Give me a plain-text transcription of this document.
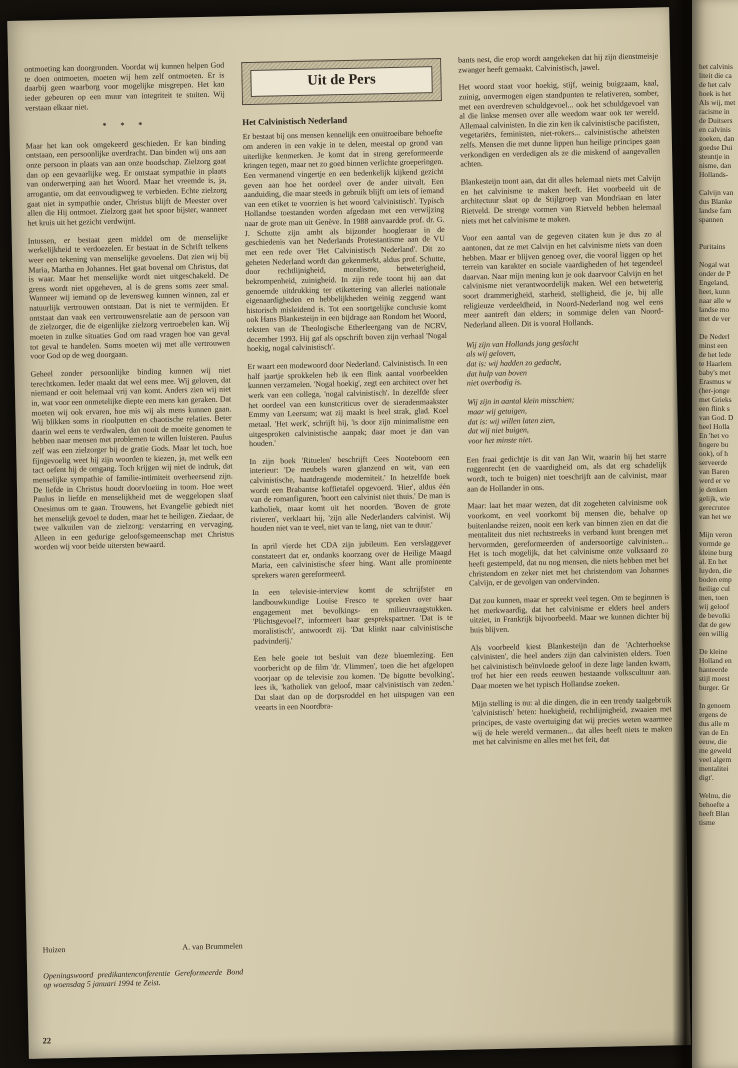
ontmoeting kan doorgronden. Voordat wij kunnen helpen God te doen ontmoeten, moeten wij hem zelf ontmoeten. Er is daarbij geen waarborg voor mogelijke misgrepen. Het kan ieder gebeuren op een muur van integriteit te stuiten. Wij verstaan elkaar niet.

* * *

Maar het kan ook omgekeerd geschieden. Er kan binding ontstaan, een persoonlijke overdracht. Dan binden wij ons aan onze persoon in plaats van aan onze boodschap. Zielzorg gaat dan op een gevaarlijke weg. Er ontstaat sympathie in plaats van onderwerping aan het Woord. Maar het vreemde is, ja, arrogantie, om dat eenvoudigweg te verbieden. Echte zielzorg gaat niet in sympathie onder, Christus blijft de Meester over allen die Hij ontmoet. Zielzorg gaat het spoor bijster, wanneer het kruis uit het gezicht verdwijnt.

Intussen, er bestaat geen middel om de menselijke werkelijkheid te verdoezelen. Er bestaat in de Schrift telkens weer een tekening van menselijke gevoelens. Dat zien wij bij Maria, Martha en Johannes. Het gaat bovenal om Christus, dat is waar. Maar het menselijke wordt niet uitgeschakeld. De grens wordt niet opgeheven, al is de grens soms zeer smal. Wanneer wij iemand op de levensweg kunnen winnen, zal er natuurlijk vertrouwen ontstaan. Dat is niet te vermijden. Er ontstaat dan vaak een vertrouwensrelatie aan de persoon van de zielzorger, die de eigenlijke zielzorg vertroebelen kan. Wij moeten in zulke situaties God om raad vragen hoe van geval tot geval te handelen. Soms moeten wij met alle vertrouwen voor God op de weg doorgaan.

Geheel zonder persoonlijke binding kunnen wij niet terechtkomen. Ieder maakt dat wel eens mee. Wij geloven, dat niemand er ooit helemaal vrij van komt. Anders zien wij niet in, wat voor een onmetelijke diepte een mens kan geraken. Dat moeten wij ook ervaren, hoe mis wij als mens kunnen gaan. Wij blikken soms in rioolputten en chaotische relaties. Beter daarin wel eens te verdwalen, dan nooit de moeite genomen te hebben naar mensen met problemen te willen luisteren. Paulus zelf was een zielzorger bij de gratie Gods. Maar let toch, hoe fijngevoelig weet hij zijn woorden te kiezen, ja, met welk een tact oefent hij de omgang. Toch krijgen wij niet de indruk, dat menselijke sympathie of familie-intimiteit overheersend zijn. De liefde in Christus houdt doorvloeiing in toom. Hoe weet Paulus in liefde en menselijkheid met de weggelopen slaaf Onesimus om te gaan. Trouwens, het Evangelie gebiedt niet het menselijk gevoel te doden, maar het te heiligen. Ziedaar, de twee valkuilen van de zielzorg: verstarring en vervaging. Alleen in een gedurige geloofsgemeenschap met Christus worden wij voor beide uitersten bewaard.

Huizen	A. van Brummelen

Openingswoord predikantenconferentie Gereformeerde Bond op woensdag 5 januari 1994 te Zeist.

Uit de Pers
Het Calvinistisch Nederland

Er bestaat bij ons mensen kennelijk een onuitroeibare behoefte om anderen in een vakje in te delen, meestal op grond van uiterlijke kenmerken. Je komt dat in streng gereformeerde kringen tegen, maar net zo goed binnen verlichte groeperingen. Een vermanend vingertje en een bedenkelijk kijkend gezicht geven aan hoe het oordeel over de ander uitvalt. Een aanduiding, die maar steeds in gebruik blijft om iets of iemand van een etiket te voorzien is het woord 'calvinistisch'. Typisch Hollandse toestanden worden afgedaan met een verwijzing naar de grote man uit Genève. In 1988 aanvaardde prof. dr. G. J. Schutte zijn ambt als bijzonder hoogleraar in de geschiedenis van het Nederlands Protestantisme aan de VU met een rede over 'Het Calvinistisch Nederland'. Dit zo geheten Nederland wordt dan gekenmerkt, aldus prof. Schutte, door rechtlijnigheid, moralisme, betweterigheid, bekrompenheid, zuinigheid. In zijn rede toont hij aan dat genoemde uitdrukking ter etikettering van allerlei nationale eigenaardigheden en hebbelijkheden weinig zeggend want historisch misleidend is. Tot een soortgelijke conclusie komt ook Hans Blankesteijn in een bijdrage aan Rondom het Woord, teksten van de Theologische Etherleergang van de NCRV, december 1993. Hij gaf als opschrift boven zijn verhaal 'Nogal hoekig, nogal calvinistisch'.

Er waart een modewoord door Nederland. Calvinistisch. In een half jaartje sprokkelen heb ik een flink aantal voorbeelden kunnen verzamelen. 'Nogal hoekig', zegt een architect over het werk van een collega, 'nogal calvinistisch'. In dezelfde sfeer het oordeel van een kunstcriticus over de sieradenmaakster Emmy van Leersum; wat zij maakt is heel strak, glad. Koel metaal. 'Het werk', schrijft hij, 'is door zijn minimalisme een uitgesproken calvinistische aanpak; daar moet je dan van houden.'

In zijn boek 'Rituelen' beschrijft Cees Nooteboom een interieur: 'De meubels waren glanzend en wit, van een calvinistische, haatdragende moderniteit.' In hetzelfde boek wordt een Brabantse koffietafel opgevoerd. 'Hier', aldus één van de romanfiguren, 'hoort een calvinist niet thuis.' De man is katholiek, maar komt uit het noorden. 'Boven de grote rivieren', verklaart hij, 'zijn alle Nederlanders calvinist. Wij houden niet van te veel, niet van te lang, niet van te duur.'

In april vierde het CDA zijn jubileum. Een verslaggever constateert dat er, ondanks koorzang over de Heilige Maagd Maria, een calvinistische sfeer hing. Want alle prominente sprekers waren gereformeerd.

In een televisie-interview komt de schrijfster en landbouwkundige Louise Fresco te spreken over haar engagement met bevolkings- en milieuvraagstukken. 'Plichtsgevoel?', informeert haar gesprekspartner. 'Dat is te moralistisch', antwoordt zij. 'Dat klinkt naar calvinistische padvinderij.'

Een hele goeie tot besluit van deze bloemlezing. Een voorbericht op de film 'dr. Vlimmen', toen die het afgelopen voorjaar op de televisie zou komen. 'De bigotte bevolking', lees ik, 'katholiek van geloof, maar calvinistisch van zeden.' Dat slaat dan op de dorpsroddel en het uitspugen van een veearts in een Noordbra-

bants nest, die erop wordt aangekeken dat hij zijn dienstmeisje zwanger heeft gemaakt. Calvinistisch, jawel.

Het woord staat voor hoekig, stijf, weinig buigzaam, kaal, zuinig, onvermogen eigen standpunten te relativeren, somber, met een overdreven schuldgevoel... ook het schuldgevoel van al die linkse mensen over alle weedom waar ook ter wereld. Allemaal calvinisten. In die zin ken ik calvinistische pacifisten, vegetariërs, feministen, niet-rokers... calvinistische atheïsten zelfs. Mensen die met dunne lippen hun heilige principes gaan verkondigen en verdedigen als ze die miskend of aangevallen achten.

Blankesteijn toont aan, dat dit alles helemaal niets met Calvijn en het calvinisme te maken heeft. Het voorbeeld uit de architectuur slaat op de Stijlgroep van Mondriaan en later Rietveld. De strenge vormen van Rietveld hebben helemaal niets met het calvinisme te maken.

Voor een aantal van de gegeven citaten kun je dus zo al aantonen, dat ze met Calvijn en het calvinisme niets van doen hebben. Maar er blijven genoeg over, die vooral liggen op het terrein van karakter en sociale vaardigheden of het tegendeel daarvan. Naar mijn mening kun je ook daarvoor Calvijn en het calvinisme niet verantwoordelijk maken. Wel een betweterig soort drammerigheid, starheid, stelligheid, die je, bij alle religieuze verdeeldheid, in Noord-Nederland nog wel eens meer aantreft dan elders; in sommige delen van Noord-Nederland alleen. Dit is vooral Hollands.

Wij zijn van Hollands jong geslacht
als wij geloven,
dat is: wij hadden zo gedacht,
dat hulp van boven
niet overbodig is.
Wij zijn in aantal klein misschien;
maar wij getuigen,
dat is: wij willen laten zien,
dat wij niet buigen,
voor het minste niet.

Een fraai gedichtje is dit van Jan Wit, waarin hij het starre ruggenrecht (en de vaardigheid om, als dat erg schadelijk wordt, toch te buigen) niet toeschrijft aan de calvinist, maar aan de Hollander in ons.

Maar: laat het maar wezen, dat dit zogeheten calvinisme ook voorkomt, en veel voorkomt bij mensen die, behalve op buitenlandse reizen, nooit een kerk van binnen zien en dat die mentaliteit dus niet rechtstreeks in verband kunt brengen met hervormden, gereformeerden of andersoortige calvinisten... Het is toch mogelijk, dat het calvinisme onze volksaard zo heeft gestempeld, dat nu nog mensen, die niets hebben met het christendom en zeker niet met het christendom van Johannes Calvijn, er de gevolgen van ondervinden.

Dat zou kunnen, maar er spreekt veel tegen. Om te beginnen is het merkwaardig, dat het calvinisme er elders heel anders uitziet, in Frankrijk bijvoorbeeld. Maar we kunnen dichter bij huis blijven.

Als voorbeeld kiest Blankesteijn dan de 'Achterhoekse calvinisten', die heel anders zijn dan calvinisten elders. Toen het calvinistisch beïnvloede geloof in deze lage landen kwam, trof het hier een reeds eeuwen bestaande volkscultuur aan. Daar moeten we het typisch Hollandse zoeken.

Mijn stelling is nu: al die dingen, die in een trendy taalgebruik 'calvinistisch' heten: hoekigheid, rechtlijnigheid, zwaaien met principes, de vaste overtuiging dat wij precies weten waarmee wij de hele wereld vermanen... dat alles heeft niets te maken met het calvinisme en alles met het feit, dat

22
het calvinis
liteit die ca
de het calv
hoek is het
Als wij, met
racisme in
de Duitsers
en calvinis
zoeken, dan
goedse Dui
steuntje in
nisme, dan
Hollands-
Calvijn van
dus Blanke
landse fam
spannen
Puritains
Nogal wat
onder de P
Engeland,
heet, kunn
naar alle w
landse mo
met de ver
De Nederl
minst een
de het lede
te Haarlem
baby's met
Erasmus w
(her-jonge
met Grieks
een flink s
van God. D
heel Holla
En 'het vo
hogere bu
ook), of h
serveerde
van Baren
werd er ve
je denken
gelijk, wie
gerecrutee
van het we
Mijn veron
vormde ge
kleine burg
al. En het
luyden, die
boden emp
heilige cul
men, toen
wij geloof
de bevolki
dat de gew
een willig
De kleine
Holland en
hanteerde
stijl moest
burger. Gr
In genoem
ergens de
dus alle m
van de En
eeuw, die
me geweld
veel algem
mentalitei
digt'.
Welnu, die
behoefte a
heeft Blan
tisme
